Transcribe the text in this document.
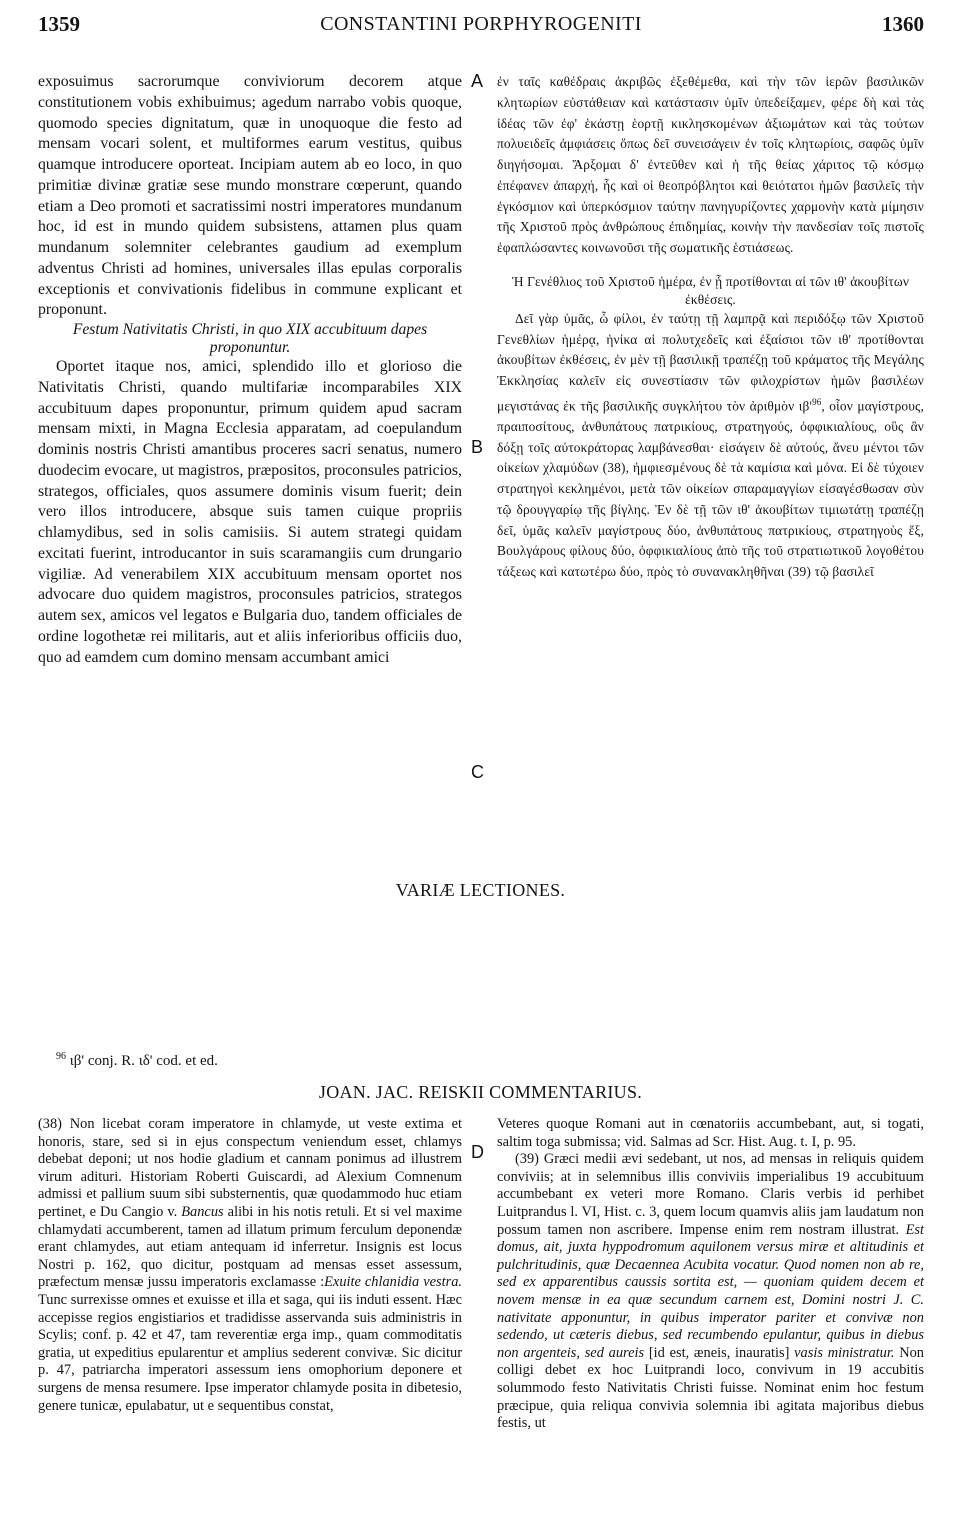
1359	CONSTANTINI PORPHYROGENITI	1360

exposuimus sacrorumque conviviorum decorem atque constitutionem vobis exhibuimus; agedum narrabo vobis quoque, quomodo species dignitatum, quæ in unoquoque die festo ad mensam vocari solent, et multiformes earum vestitus, quibus quamque introducere oporteat. Incipiam autem ab eo loco, in quo primitiæ divinæ gratiæ sese mundo monstrare cœperunt, quando etiam a Deo promoti et sacratissimi nostri imperatores mundanum hoc, id est in mundo quidem subsistens, attamen plus quam mundanum solemniter celebrantes gaudium ad exemplum adventus Christi ad homines, universales illas epulas corporalis exceptionis et convivationis fidelibus in commune explicant et proponunt.

Festum Nativitatis Christi, in quo XIX accubituum dapes proponuntur.

Oportet itaque nos, amici, splendido illo et glorioso die Nativitatis Christi, quando multifariæ incomparabiles XIX accubituum dapes proponuntur, primum quidem apud sacram mensam mixti, in Magna Ecclesia apparatam, ad coepulandum dominis nostris Christi amantibus proceres sacri senatus, numero duodecim evocare, ut magistros, præpositos, proconsules patricios, strategos, officiales, quos assumere dominis visum fuerit; dein vero illos introducere, absque suis tamen cuique propriis chlamydibus, sed in solis camisiis. Si autem strategi quidam excitati fuerint, introducantor in suis scaramangiis cum drungario vigiliæ. Ad venerabilem XIX accubituum mensam oportet nos advocare duo quidem magistros, proconsules patricios, strategos autem sex, amicos vel legatos e Bulgaria duo, tandem officiales de ordine logothetæ rei militaris, aut et aliis inferioribus officiis duo, quo ad eamdem cum domino mensam accumbant amici

A
B
C
D

ἐν ταῖς καθέδραις ἀκριβῶς ἐξεθέμεθα, καὶ τὴν τῶν ἱερῶν βασιλικῶν κλητωρίων εὐστάθειαν καὶ κατάστασιν ὑμῖν ὑπεδείξαμεν, φέρε δὴ καὶ τὰς ἰδέας τῶν ἐφ' ἑκάστῃ ἑορτῇ κικλησκομένων ἀξιωμάτων καὶ τὰς τούτων πολυειδεῖς ἀμφιάσεις ὅπως δεῖ συνεισάγειν ἐν τοῖς κλητωρίοις, σαφῶς ὑμῖν διηγήσομαι. Ἄρξομαι δ' ἐντεῦθεν καὶ ἡ τῆς θείας χάριτος τῷ κόσμῳ ἐπέφανεν ἀπαρχή, ἧς καὶ οἱ θεοπρόβλητοι καὶ θειότατοι ἡμῶν βασιλεῖς τὴν ἐγκόσμιον καὶ ὑπερκόσμιον ταύτην πανηγυρίζοντες χαρμονὴν κατὰ μίμησιν τῆς Χριστοῦ πρὸς ἀνθρώπους ἐπιδημίας, κοινὴν τὴν πανδεσίαν τοῖς πιστοῖς ἐφαπλώσαντες κοινωνοῦσι τῆς σωματικῆς ἑστιάσεως.

Ἡ Γενέθλιος τοῦ Χριστοῦ ἡμέρα, ἐν ᾗ προτίθονται αἱ τῶν ιθ' ἀκουβίτων ἐκθέσεις.

Δεῖ γὰρ ὑμᾶς, ὦ φίλοι, ἐν ταύτῃ τῇ λαμπρᾷ καὶ περιδόξῳ τῶν Χριστοῦ Γενεθλίων ἡμέρᾳ, ἡνίκα αἱ πολυτχεδεῖς καὶ ἐξαίσιοι τῶν ιθ' προτίθονται ἀκουβίτων ἐκθέσεις, ἐν μὲν τῇ βασιλικῇ τραπέζῃ τοῦ κράματος τῆς Μεγάλης Ἐκκλησίας καλεῖν εἰς συνεστίασιν τῶν φιλοχρίστων ἡμῶν βασιλέων μεγιστάνας ἐκ τῆς βασιλικῆς συγκλήτου τὸν ἀριθμὸν $\iota\beta'^{96}$, οἷον μαγίστρους, πραιποσίτους, ἀνθυπάτους πατρικίους, στρατηγούς, ὀφφικιαλίους, οὓς ἂν δόξῃ τοῖς αὐτοκράτορας λαμβάνεσθαι· εἰσάγειν δὲ αὐτούς, ἄνευ μέντοι τῶν οἰκείων χλαμύδων (38), ἠμφιεσμένους δὲ τὰ καμίσια καὶ μόνα. Εἰ δὲ τύχοιεν στρατηγοὶ κεκλημένοι, μετὰ τῶν οἰκείων σπαραμαγγίων εἰσαγέσθωσαν σὺν τῷ δρουγγαρίῳ τῆς βίγλης. Ἐν δὲ τῇ τῶν ιθ' ἀκουβίτων τιμιωτάτῃ τραπέζῃ δεῖ, ὑμᾶς καλεῖν μαγίστρους δύο, ἀνθυπάτους πατρικίους, στρατηγοὺς ἕξ, Βουλγάρους φίλους δύο, ὀφφικιαλίους ἀπὸ τῆς τοῦ στρατιωτικοῦ λογοθέτου τάξεως καὶ κατωτέρω δύο, πρὸς τὸ συνανακληθῆναι (39) τῷ βασιλεῖ

VARIÆ LECTIONES.
$^{96}$ ιβ' conj. R. ιδ' cod. et ed.
JOAN. JAC. REISKII COMMENTARIUS.

(38) Non licebat coram imperatore in chlamyde, ut veste extima et honoris, stare, sed si in ejus conspectum veniendum esset, chlamys debebat deponi; ut nos hodie gladium et cannam ponimus ad illustrem virum adituri. Historiam Roberti Guiscardi, ad Alexium Comnenum admissi et pallium suum sibi substernentis, quæ quodammodo huc etiam pertinet, e Du Cangio v. Bancus alibi in his notis retuli. Et si vel maxime chlamydati accumberent, tamen ad illatum primum ferculum deponendæ erant chlamydes, aut etiam antequam id inferretur. Insignis est locus Nostri p. 162, quo dicitur, postquam ad mensas esset assessum, præfectum mensæ jussu imperatoris exclamasse :Exuite chlanidia vestra. Tunc surrexisse omnes et exuisse et illa et saga, qui iis induti essent. Hæc accepisse regios engistiarios et tradidisse asservanda suis administris in Scylis; conf. p. 42 et 47, tam reverentiæ erga imp., quam commoditatis gratia, ut expeditius epularentur et amplius sederent convivæ. Sic dicitur p. 47, patriarcha imperatori assessum iens omophorium deponere et surgens de mensa resumere. Ipse imperator chlamyde posita in dibetesio, genere tunicæ, epulabatur, ut e sequentibus constat,

Veteres quoque Romani aut in cœnatoriis accumbebant, aut, si togati, saltim toga submissa; vid. Salmas ad Scr. Hist. Aug. t. I, p. 95.

(39) Græci medii ævi sedebant, ut nos, ad mensas in reliquis quidem conviviis; at in selemnibus illis conviviis imperialibus 19 accubituum accumbebant ex veteri more Romano. Claris verbis id perhibet Luitprandus l. VI, Hist. c. 3, quem locum quamvis aliis jam laudatum non possum tamen non ascribere. Impense enim rem nostram illustrat. Est domus, ait, juxta hyppodromum aquilonem versus miræ et altitudinis et pulchritudinis, quæ Decaennea Acubita vocatur. Quod nomen non ab re, sed ex apparentibus caussis sortita est, — quoniam quidem decem et novem mensæ in ea quæ secundum carnem est, Domini nostri J. C. nativitate apponuntur, in quibus imperator pariter et convivæ non sedendo, ut cæteris diebus, sed recumbendo epulantur, quibus in diebus non argenteis, sed aureis [id est, æneis, inauratis] vasis ministratur. Non colligi debet ex hoc Luitprandi loco, convivum in 19 accubitis solummodo festo Nativitatis Christi fuisse. Nominat enim hoc festum præcipue, quia reliqua convivia solemnia ibi agitata majoribus diebus festis, ut
